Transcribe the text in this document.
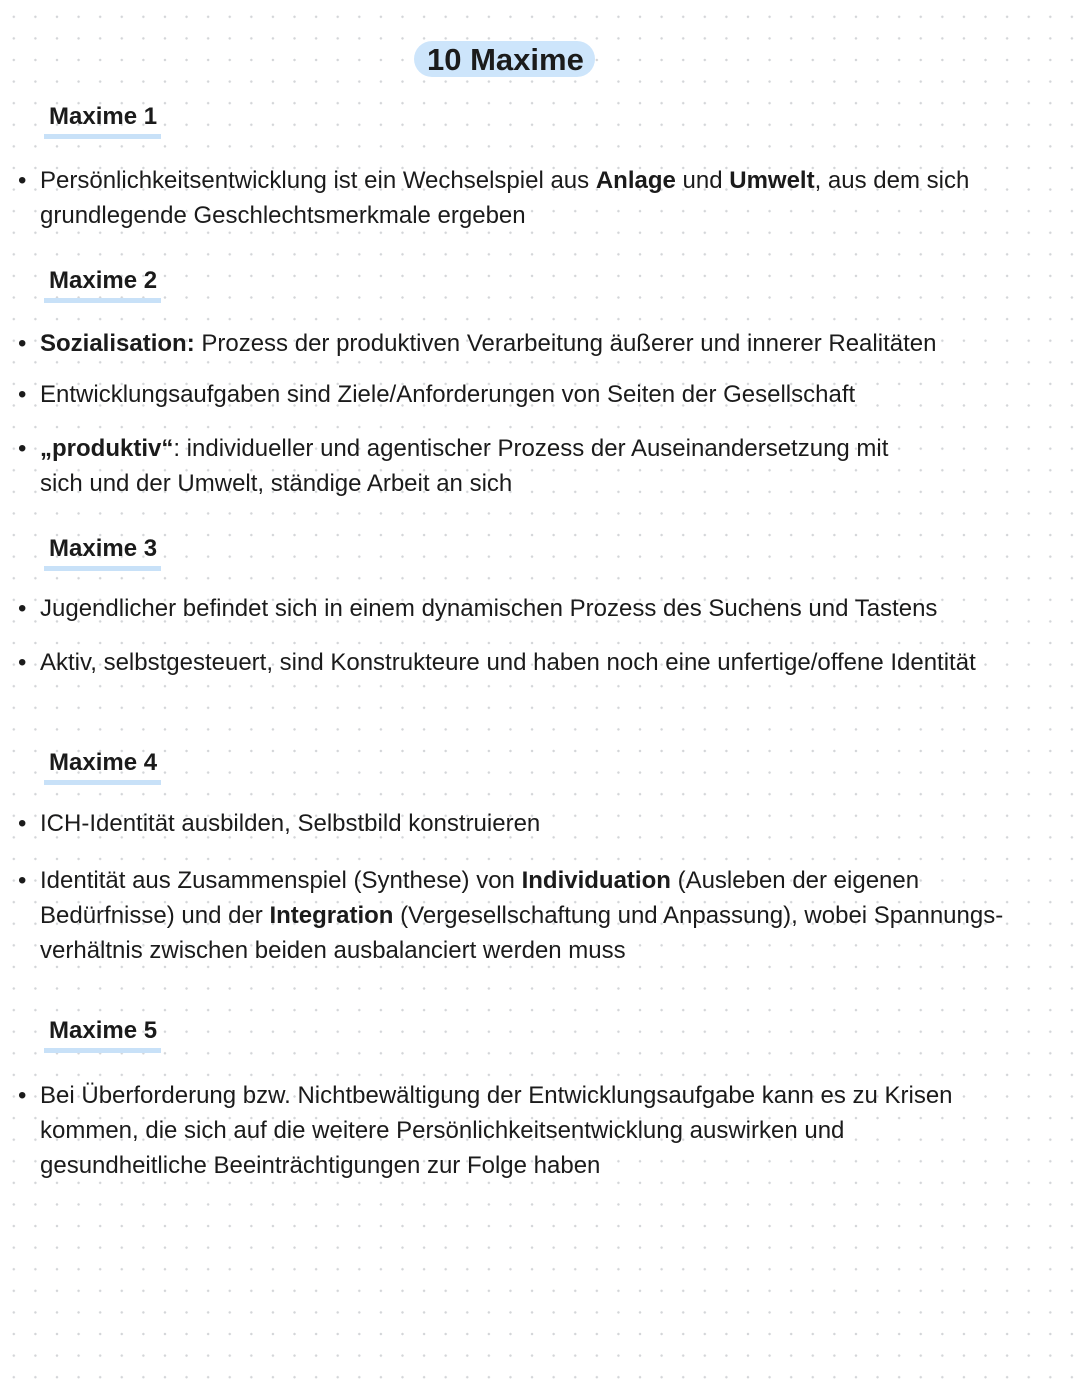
10 Maxime
Maxime 1
• Persönlichkeitsentwicklung ist ein Wechselspiel aus Anlage und Umwelt, aus dem sich
grundlegende Geschlechtsmerkmale ergeben
Maxime 2
• Sozialisation: Prozess der produktiven Verarbeitung äußerer und innerer Realitäten
• Entwicklungsaufgaben sind Ziele/Anforderungen von Seiten der Gesellschaft
• „produktiv“: individueller und agentischer Prozess der Auseinandersetzung mit
sich und der Umwelt, ständige Arbeit an sich
Maxime 3
• Jugendlicher befindet sich in einem dynamischen Prozess des Suchens und Tastens
• Aktiv, selbstgesteuert, sind Konstrukteure und haben noch eine unfertige/offene Identität
Maxime 4
• ICH-Identität ausbilden, Selbstbild konstruieren
• Identität aus Zusammenspiel (Synthese) von Individuation (Ausleben der eigenen
Bedürfnisse) und der Integration (Vergesellschaftung und Anpassung), wobei Spannungs-
verhältnis zwischen beiden ausbalanciert werden muss
Maxime 5
• Bei Überforderung bzw. Nichtbewältigung der Entwicklungsaufgabe kann es zu Krisen
kommen, die sich auf die weitere Persönlichkeitsentwicklung auswirken und
gesundheitliche Beeinträchtigungen zur Folge haben
